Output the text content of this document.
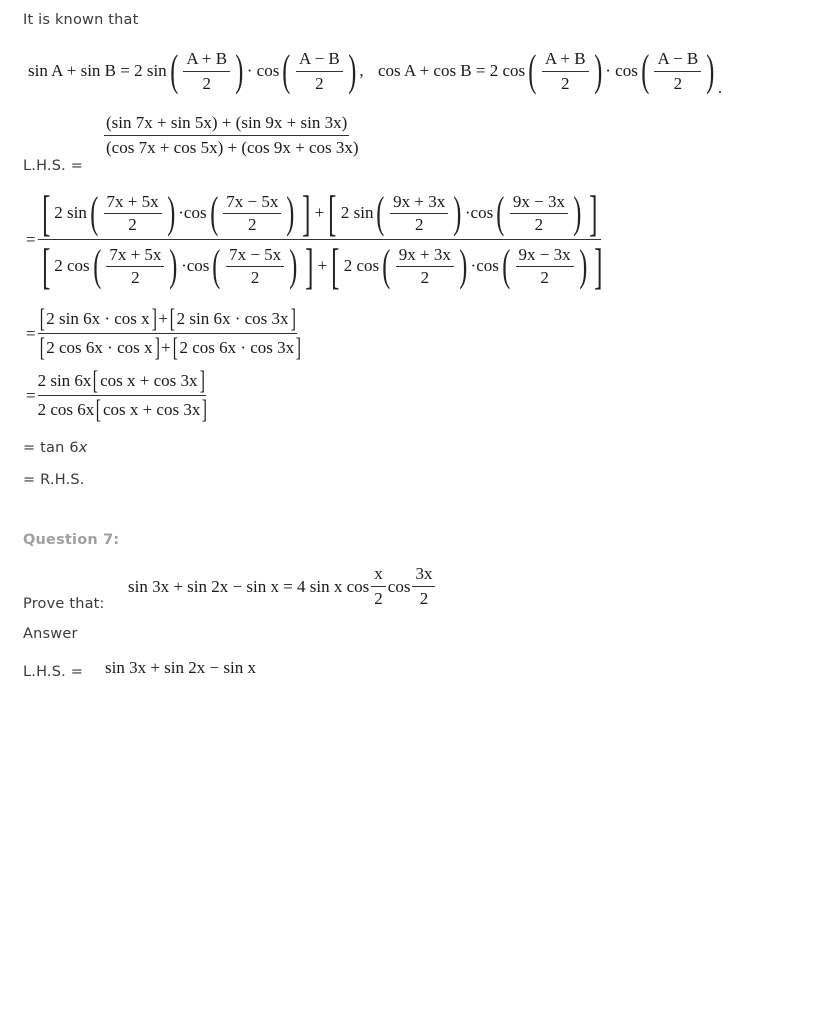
It is known that
sin A + sin B = 2 sin ( $\frac{A + B}{2}$ ) · cos ( $\frac{A - B}{2}$ ) , cos A + cos B = 2 cos ( $\frac{A + B}{2}$ ) · cos ( $\frac{A - B}{2}$ ) .
L.H.S. =
$\frac{(\sin 7x + \sin 5x) + (\sin 9x + \sin 3x)}{(\cos 7x + \cos 5x) + (\cos 9x + \cos 3x)}$
= [ 2 sin ( $\frac{7x + 5x}{2}$ ) ·cos ( $\frac{7x - 5x}{2}$ ) ] + [ 2 sin ( $\frac{9x + 3x}{2}$ ) ·cos ( $\frac{9x - 3x}{2}$ ) ]
[ 2 cos ( $\frac{7x + 5x}{2}$ ) ·cos ( $\frac{7x - 5x}{2}$ ) ] + [ 2 cos ( $\frac{9x + 3x}{2}$ ) ·cos ( $\frac{9x - 3x}{2}$ ) ]
= $\frac{\text{[ 2 sin 6x · cos x ] + [ 2 sin 6x · cos 3x ]}}{\text{[ 2 cos 6x · cos x ] + [ 2 cos 6x · cos 3x ]}}$
= $\frac{\text{2 sin 6x [ cos x + cos 3x ]}}{\text{2 cos 6x [ cos x + cos 3x ]}}$
= tan 6x
= R.H.S.
Question 7:
Prove that:
sin 3x + sin 2x − sin x = 4 sin x $\cos \frac{x}{2}$ $\cos \frac{3x}{2}$
Answer
L.H.S. = sin 3x + sin 2x − sin x
